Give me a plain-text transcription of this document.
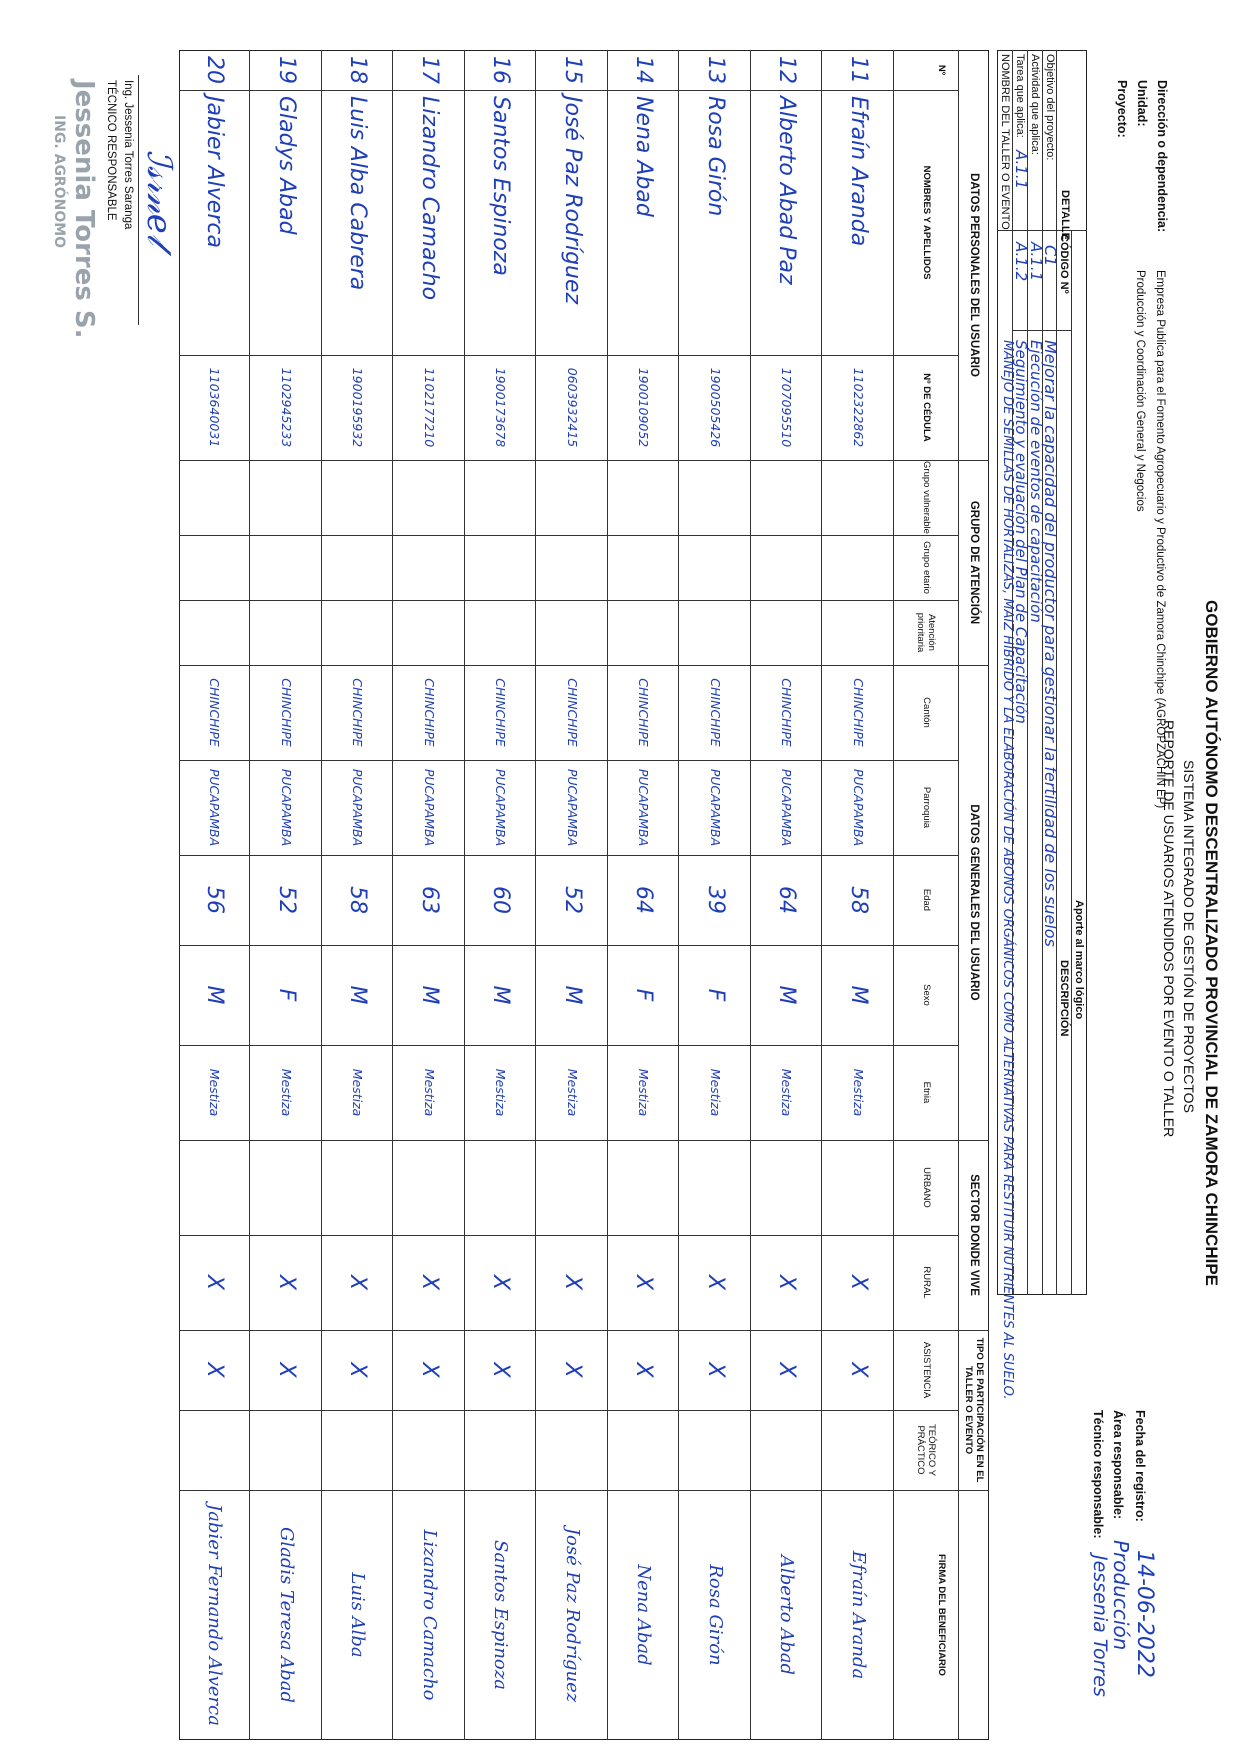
GOBIERNO AUTÓNOMO DESCENTRALIZADO PROVINCIAL DE ZAMORA CHINCHIPE
SISTEMA INTEGRADO DE GESTIÓN DE PROYECTOS
REPORTE DE USUARIOS ATENDIDOS POR EVENTO O TALLER
Dirección o dependencia:
Empresa Publica para el Fomento Agropecuario y Productivo de Zamora Chinchipe (AGROPZACHIN EP)
Unidad:
Producción y Coordinación General y Negocios
Proyecto:
Fecha del registro:
14-06-2022
Área responsable:
Producción
Técnico responsable:
Jessenia Torres
DETALLE
Aporte al marco lógico
CÓDIGO Nº
DESCRIPCIÓN
Objetivo del proyecto:
C1
Mejorar la capacidad del productor para gestionar la fertilidad de los suelos
Actividad que aplica:
A.1.1
Ejecución de eventos de capacitación
Tarea que aplica:
A.1.1
A.1.2
Seguimiento y evaluación del Plan de Capacitación
NOMBRE DEL TALLER O EVENTO
MANEJO DE SEMILLAS DE HORTALIZAS, MAIZ HÍBRIDO Y LA ELABORACIÓN DE ABONOS ORGÁNICOS COMO ALTERNATIVAS PARA RESTITUIR NUTRIENTES AL SUELO.
DATOS PERSONALES DEL USUARIO
GRUPO DE ATENCIÓN
DATOS GENERALES DEL USUARIO
SECTOR DONDE VIVE
TIPO DE PARTICIPACIÓN EN EL TALLER O EVENTO
Nº
NOMBRES Y APELLIDOS
Nº DE CÉDULA
Grupo vulnerable
Grupo etario
Atención prioritaria
Cantón
Parroquia
Edad
Sexo
Etnia
URBANO
RURAL
ASISTENCIA
TEÓRICO Y PRÁCTICO
FIRMA DEL BENEFICIARIO
11
Efraín Aranda
1102322862
CHINCHIPE
PUCAPAMBA
58
M
Mestiza
X
X
Efraín Aranda
12
Alberto Abad Paz
1707095510
CHINCHIPE
PUCAPAMBA
64
M
Mestiza
X
X
Alberto Abad
13
Rosa Girón
1900505426
CHINCHIPE
PUCAPAMBA
39
F
Mestiza
X
X
Rosa Girón
14
Nena Abad
1900109052
CHINCHIPE
PUCAPAMBA
64
F
Mestiza
X
X
Nena Abad
15
José Paz Rodríguez
0603932415
CHINCHIPE
PUCAPAMBA
52
M
Mestiza
X
X
José Paz Rodríguez
16
Santos Espinoza
1900173678
CHINCHIPE
PUCAPAMBA
60
M
Mestiza
X
X
Santos Espinoza
17
Lizandro Camacho
1102177210
CHINCHIPE
PUCAPAMBA
63
M
Mestiza
X
X
Lizandro Camacho
18
Luis Alba Cabrera
1900195932
CHINCHIPE
PUCAPAMBA
58
M
Mestiza
X
X
Luis Alba
19
Gladys Abad
1102945233
CHINCHIPE
PUCAPAMBA
52
F
Mestiza
X
X
Gladis Teresa Abad
20
Jabier Alverca
1103640031
CHINCHIPE
PUCAPAMBA
56
M
Mestiza
X
X
Jabier Fernando Alverca
ℐ𝓈𝓇𝓃𝑒𝓁
Ing. Jessenia Torres Saranga
TÉCNICO RESPONSABLE
Jessenia Torres S.
ING. AGRÓNOMO
